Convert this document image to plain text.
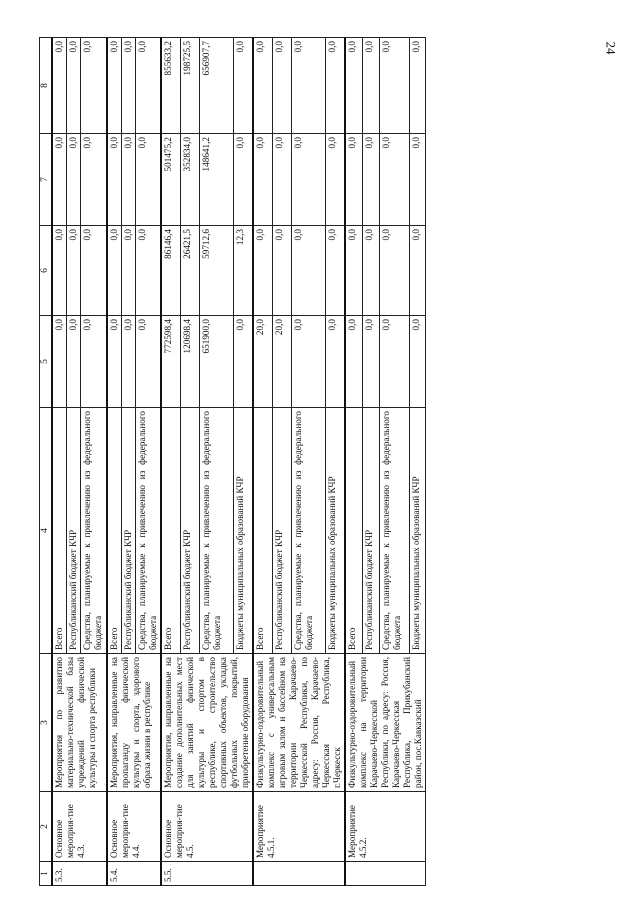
24
1	2	3	4	5	6	7	8
5.3.	Основное мероприя-тие 4.3.	Мероприятия по развитию материально-технической базы учреждений физической культуры и спорта республики	Всего	0,0	0,0	0,0	0,0
			Республиканский бюджет КЧР	0,0	0,0	0,0	0,0
			Средства, планируемые к привлечению из федерального бюджета	0,0	0,0	0,0	0,0
5.4.	Основное мероприя-тие 4.4.	Мероприятия, направленные на пропаганду физической культуры и спорта, здорового образа жизни в республике	Всего	0,0	0,0	0,0	0,0
			Республиканский бюджет КЧР	0,0	0,0	0,0	0,0
			Средства, планируемые к привлечению из федерального бюджета	0,0	0,0	0,0	0,0
5.5.	Основное мероприя-тие 4.5.	Мероприятия, направленные на создание дополнительных мест для занятий физической культуры и спортом в республике, строительство спортивных объектов, укладка футбольных покрытий, приобретение оборудования	Всего	772598,4	86146,4	501475,2	855633,2
			Республиканский бюджет КЧР	120698,4	26421,5	352834,0	198725,5
			Средства, планируемые к привлечению из федерального бюджета	651900,0	59712,6	148641,2	656907,7
			Бюджеты муниципальных образований КЧР	0,0	12,3	0,0	0,0
	Мероприятие 4.5.1.	Физкультурно-оздоровительный комплекс с универсальным игровым залом и бассейном на территории Карачаево-Черкесской Республики, по адресу: Россия, Карачаево-Черкесская Республика, г.Черкесск	Всего	20,0	0,0	0,0	0,0
			Республиканский бюджет КЧР	20,0	0,0	0,0	0,0
			Средства, планируемые к привлечению из федерального бюджета	0,0	0,0	0,0	0,0
			Бюджеты муниципальных образований КЧР	0,0	0,0	0,0	0,0
	Мероприятие 4.5.2.	Физкультурно-оздоровительный комплекс на территории Карачаево-Черкесской Республики, по адресу: Россия, Карачаево-Черкесская Республика, Прикубанский район, пос.Кавказский	Всего	0,0	0,0	0,0	0,0
			Республиканский бюджет КЧР	0,0	0,0	0,0	0,0
			Средства, планируемые к привлечению из федерального бюджета	0,0	0,0	0,0	0,0
			Бюджеты муниципальных образований КЧР	0,0	0,0	0,0	0,0
